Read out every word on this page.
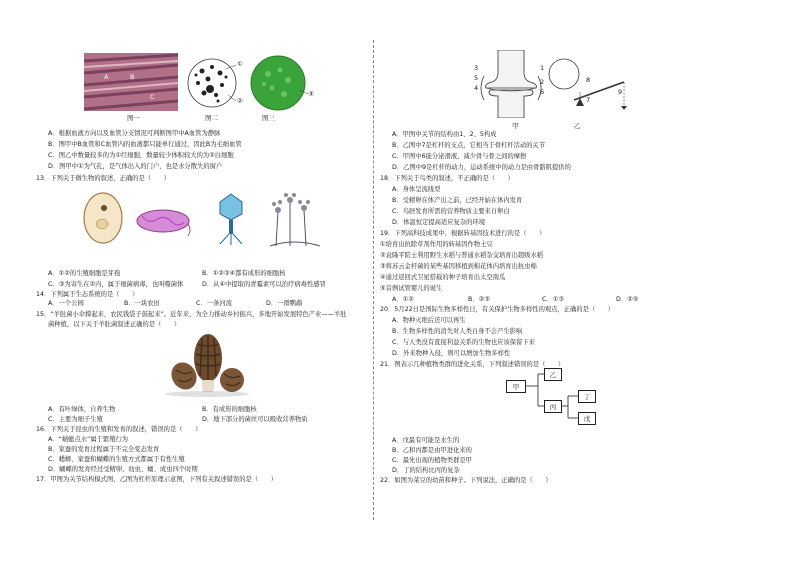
A	B
C
图一
①
②
图二
③
图三
A．根据血液方向以及血管分支情况可判断图甲中A血管为静脉
B．图甲中B血管和C血管内的血液都只能单行通过，因此B为毛细血管
C．图乙中数量较多的为①红细胞，数量较少体积较大的为②白细胞
D．图甲中①为气孔，是气体出入的门户，也是水分散失的窗户
13．下列关于微生物的叙述，正确的是（　　）
A．①②的生殖细胞是芽孢	B．①②③④都有成形的细胞核
C．③为寄生在②内，属于细菌病毒，也叫噬菌体	D．从④中提取的青霉素可以治疗病毒性感冒
14．下列属于生态系统的是（　　）
A．一个公园	B．一块农田	C．一条河流	D．一群鹦鹉
15．“羊肚菌小伞撑起来，农民钱袋子鼓起来”。近年来，为全力推动乡村振兴，多地开始发展特色产业——羊肚
菌种植，以下关于羊肚菌叙述正确的是（　　）
A．有叶绿体，自养生物	B．有成形的细胞核
C．主要为细子生殖	D．地下部分的菌丝可以吸收营养物质
16．下列关于昆虫的生殖和发育的叙述，错误的是（　　）
A．“蜻蜓点水”属于繁殖行为
B．家蚕的发育过程属于不完全变态发育
C．蟋蟀、家蚕和蝴蝶的生殖方式都属于有性生殖
D．蝴蝶的发育经过受精卵、幼虫、蛹、成虫四个时期
17．甲图为关节结构模式图，乙图为杠杆原理示意图，下列有关叙述错误的是（　　）
3
5
4
1
2
6
甲
8
7
9
乙
A．甲图中关节的结构由1、2、5构成
B．乙图中7是杠杆的支点，它相当于骨杠杆活动的关节
C．甲图中6能分泌滑液，减少骨与骨之间的摩擦
D．乙图中9是杠杆的动力，运动系统中的动力是由骨骼肌提供的
18．下列关于鸟类的叙述，不正确的是（　　）
A．身体呈流线型
B．受精卵在体产出之前，已经开始在体内发育
C．鸟胚发育所需的营养物质主要来自卵白
D．体温恒定提高适应复杂的环境
19．下列高科技成果中，根据转基因技术进行的是（　　）
①培育出抗除草剂作用的转基因作物土豆
②袁隆平院士利用野生水稻与普通水稻杂交培育出超级水稻
③将苏云金杆菌的某些基因移植到棉花体内培育出抗虫棉
④通过返回式卫星搭载的种子培育出太空南瓜
⑤首例试管婴儿的诞生
A．①②	B．②③	C．①③	D．②⑤
20．5月22日是国际生物多样性日，有关保护生物多样性的观点，正确的是（　　）
A．物种灭绝后还可以再生
B．生物多样性的消失对人类自身不会产生影响
C．与人类没有直接利益关系的生物也应该保留下来
D．外来物种入侵，则可以增加生物多样性
21．图表示几种植物类群的进化关系，下列叙述错误的是（　　）
甲
乙
丙
丁
戊
A．戊最有可能是水生的
B．乙和丙都是由甲进化来的
C．最先出现的植物类群是甲
D．丁的结构比丙的复杂
22．如图为菜豆的幼苗和种子。下列说法，正确的是（　　）
